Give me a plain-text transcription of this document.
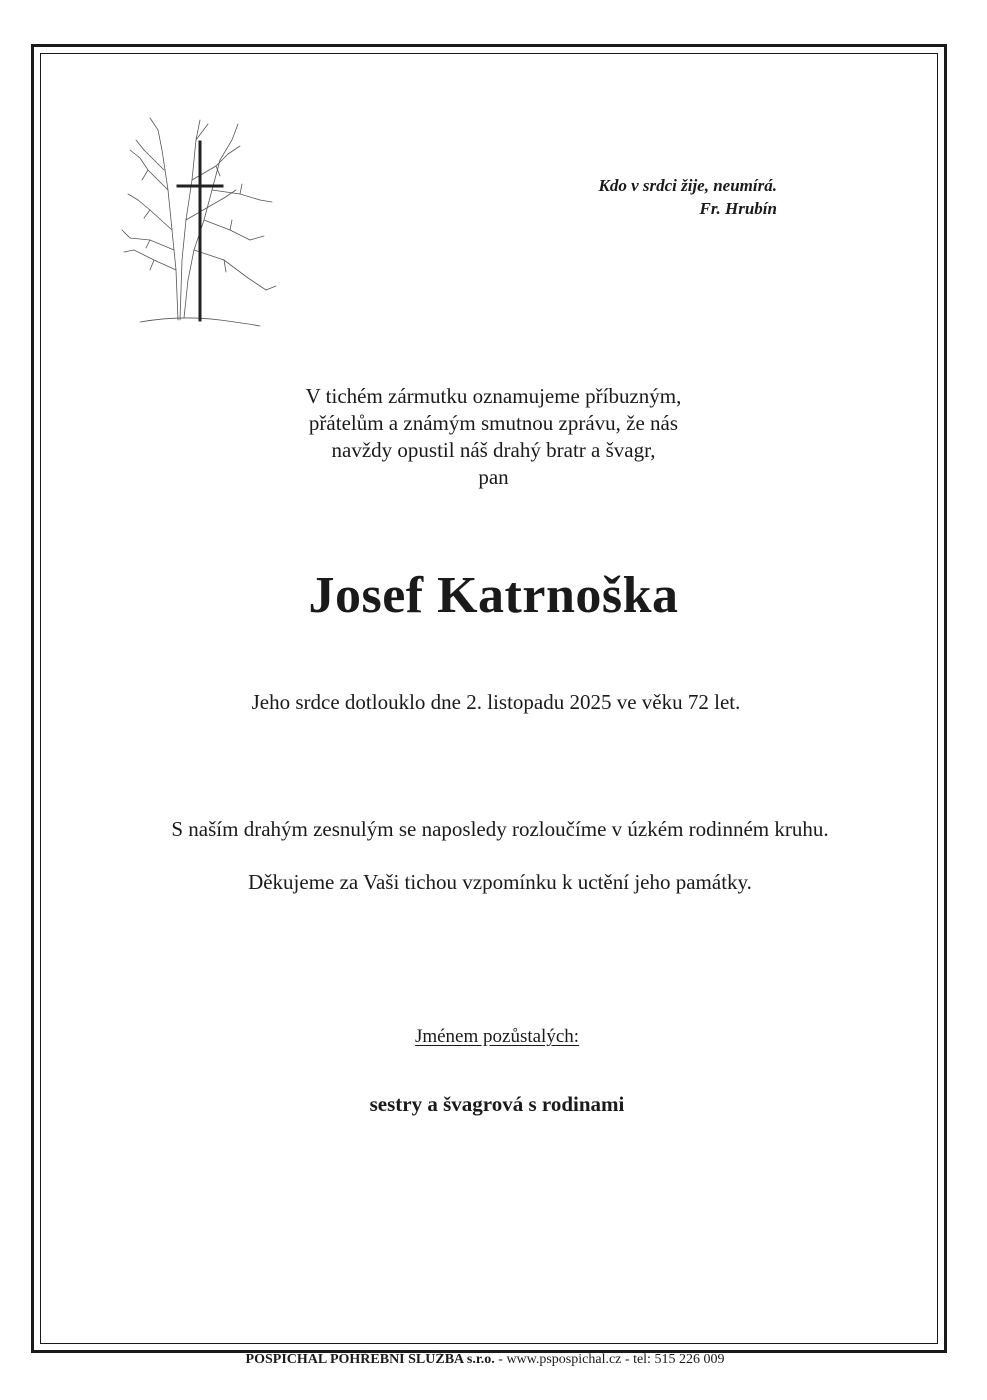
Kdo v srdci žije, neumírá.
Fr. Hrubín
V tichém zármutku oznamujeme příbuzným,
přátelům a známým smutnou zprávu, že nás
navždy opustil náš drahý bratr a švagr,
pan
Josef Katrnoška
Jeho srdce dotlouklo dne 2. listopadu 2025 ve věku 72 let.
S naším drahým zesnulým se naposledy rozloučíme v úzkém rodinném kruhu.
Děkujeme za Vaši tichou vzpomínku k uctění jeho památky.
Jménem pozůstalých:
sestry a švagrová s rodinami
POSPÍCHAL POHŘEBNÍ SLUŽBA s.r.o. - www.pspospichal.cz - tel: 515 226 009
